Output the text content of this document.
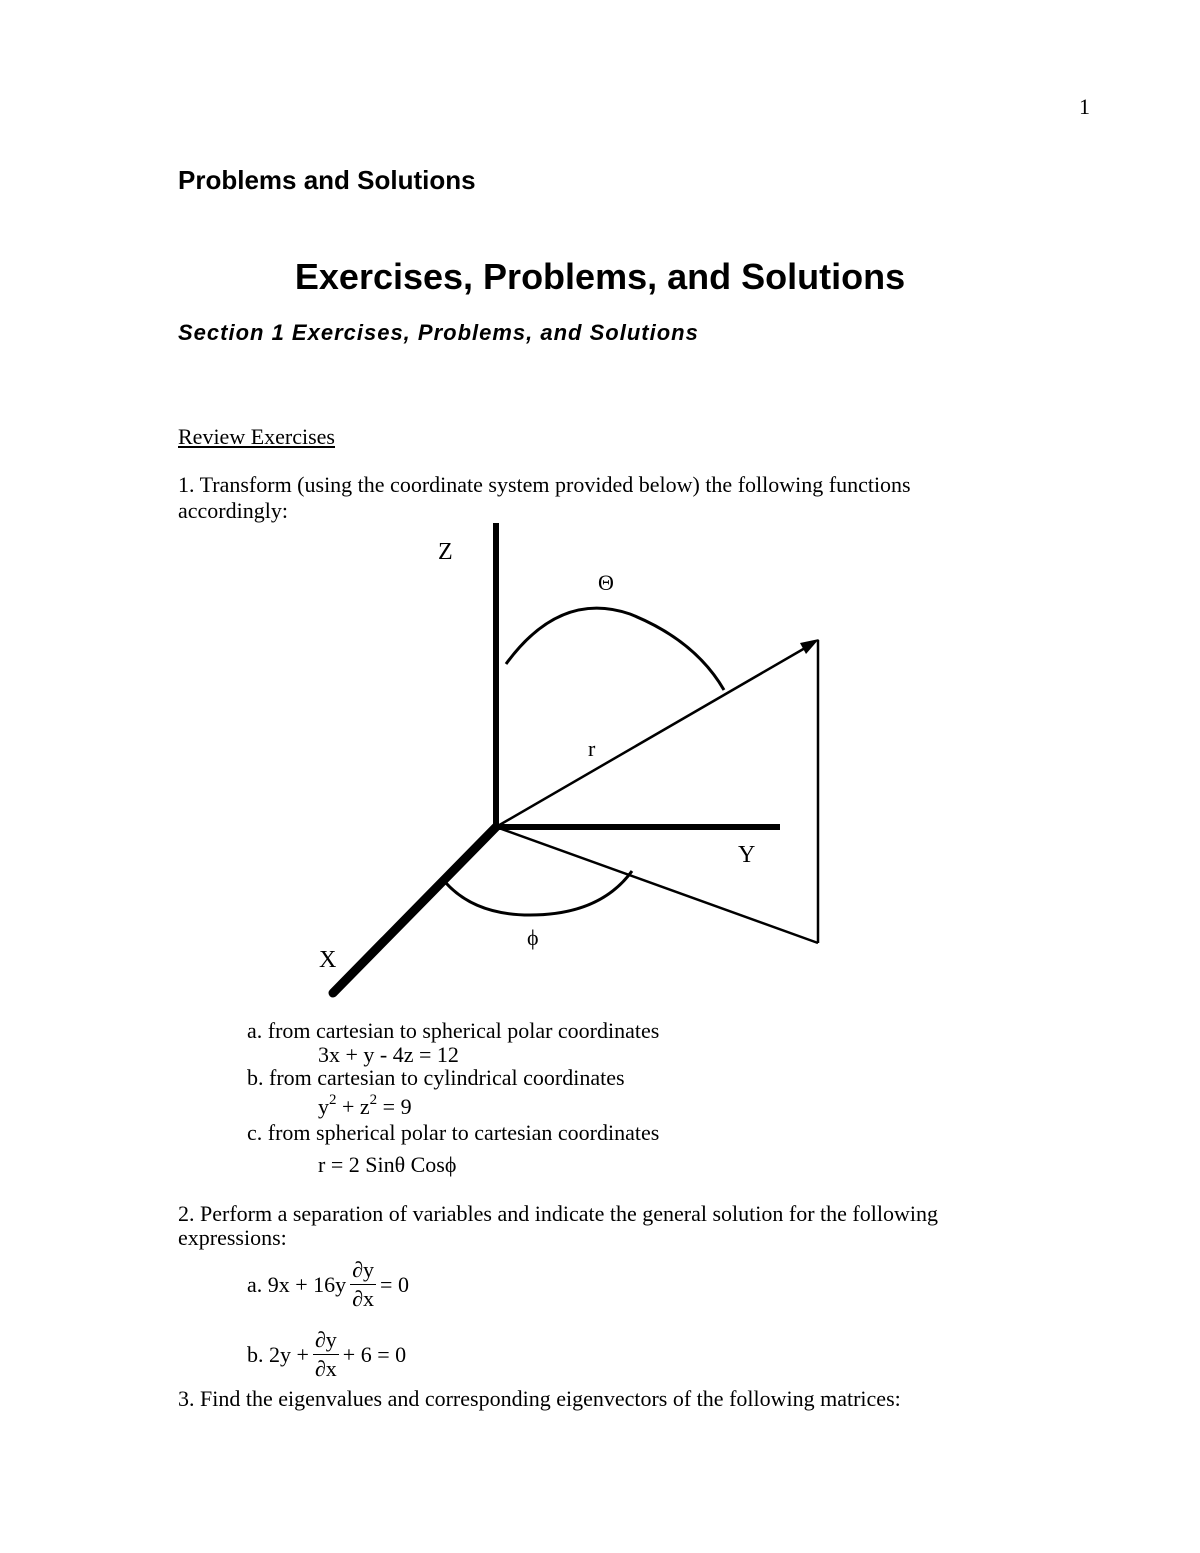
1
Problems and Solutions
Exercises, Problems, and Solutions
Section 1 Exercises, Problems, and Solutions
Review Exercises
1. Transform (using the coordinate system provided below) the following functions
accordingly:
Z
Θ
r
Y
ϕ
X
a. from cartesian to spherical polar coordinates
3x + y - 4z = 12
b. from cartesian to cylindrical coordinates
$y^2 + z^2 = 9$
c. from spherical polar to cartesian coordinates
r = 2 Sinθ Cosϕ
2. Perform a separation of variables and indicate the general solution for the following
expressions:
a. $9x + 16y \frac{\partial y}{\partial x} = 0$
b. $2y + \frac{\partial y}{\partial x} + 6 = 0$
3. Find the eigenvalues and corresponding eigenvectors of the following matrices:
